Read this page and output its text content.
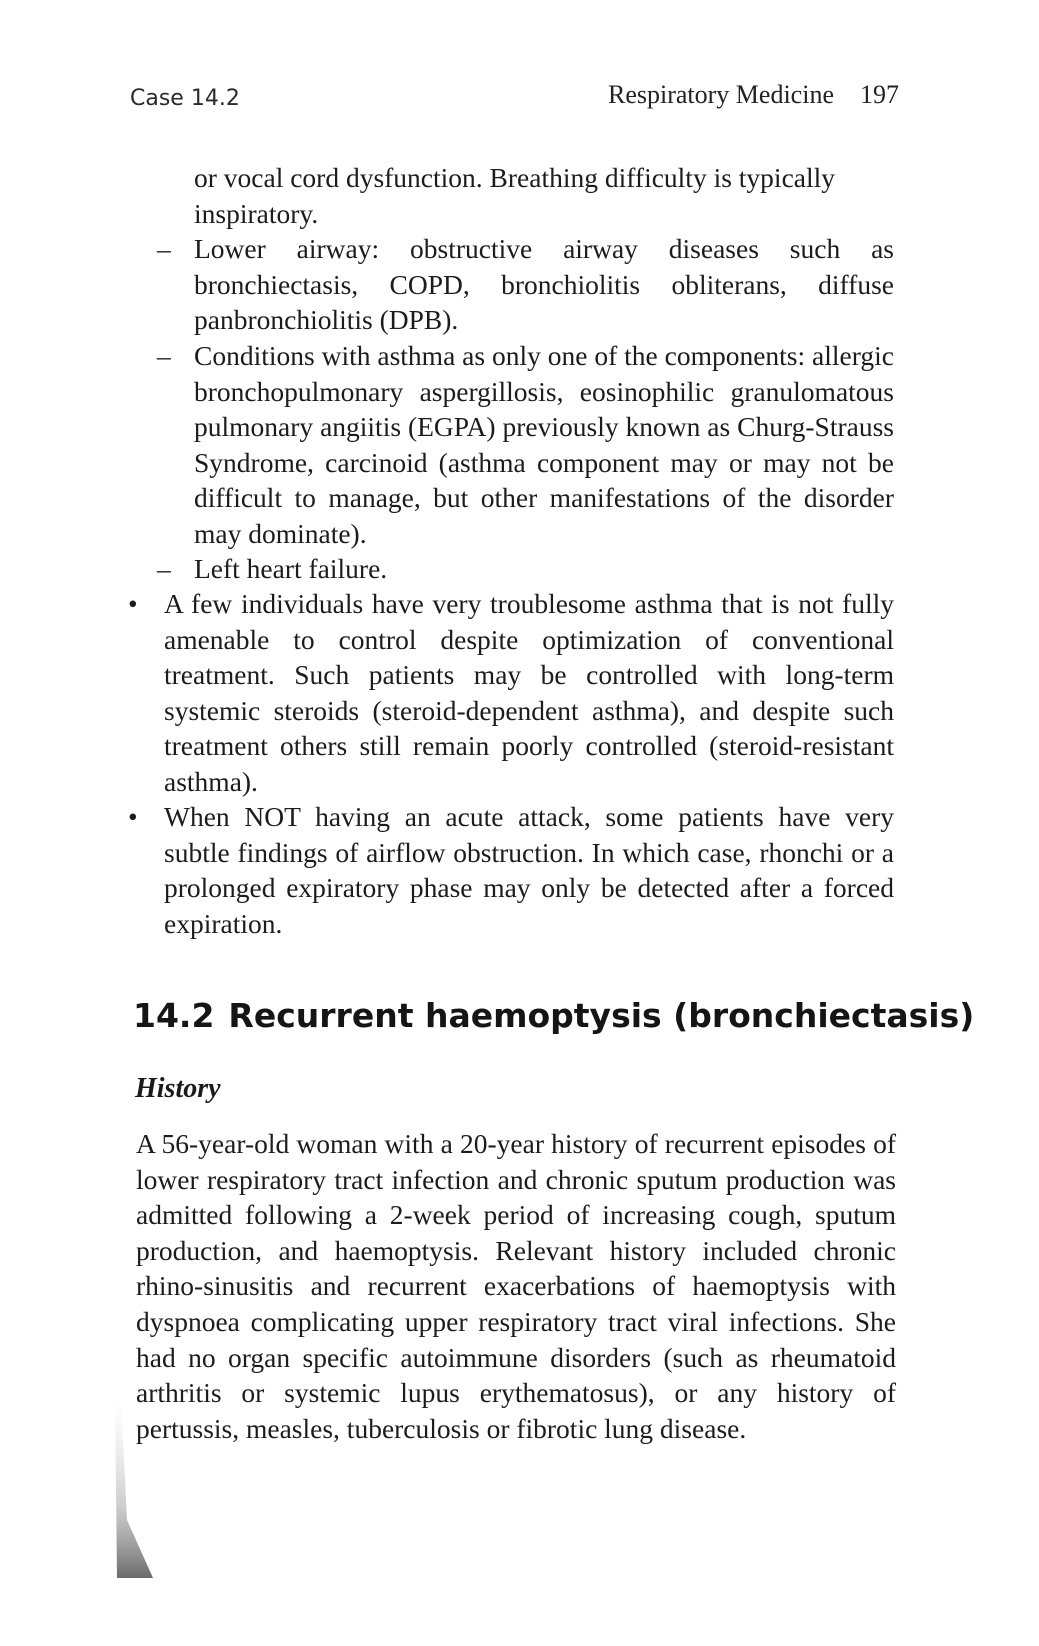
Case 14.2	Respiratory Medicine 197
or vocal cord dysfunction. Breathing difficulty is typically inspiratory.
– Lower airway: obstructive airway diseases such as bronchiectasis, COPD, bronchiolitis obliterans, diffuse panbronchiolitis (DPB).
– Conditions with asthma as only one of the components: allergic bronchopulmonary aspergillosis, eosinophilic granulomatous pulmonary angiitis (EGPA) previously known as Churg-Strauss Syndrome, carcinoid (asthma component may or may not be difficult to manage, but other manifestations of the disorder may dominate).
– Left heart failure.
• A few individuals have very troublesome asthma that is not fully amenable to control despite optimization of conventional treatment. Such patients may be controlled with long-term systemic steroids (steroid-dependent asthma), and despite such treatment others still remain poorly controlled (steroid-resistant asthma).
• When NOT having an acute attack, some patients have very subtle findings of airflow obstruction. In which case, rhonchi or a prolonged expiratory phase may only be detected after a forced expiration.
14.2 Recurrent haemoptysis (bronchiectasis)
History
A 56-year-old woman with a 20-year history of recurrent episodes of lower respiratory tract infection and chronic sputum production was admitted following a 2-week period of increasing cough, sputum production, and haemoptysis. Relevant history included chronic rhino-sinusitis and recurrent exacerbations of haemoptysis with dyspnoea complicating upper respiratory tract viral infections. She had no organ specific autoimmune disorders (such as rheumatoid arthritis or systemic lupus erythematosus), or any history of pertussis, measles, tuberculosis or fibrotic lung disease.
